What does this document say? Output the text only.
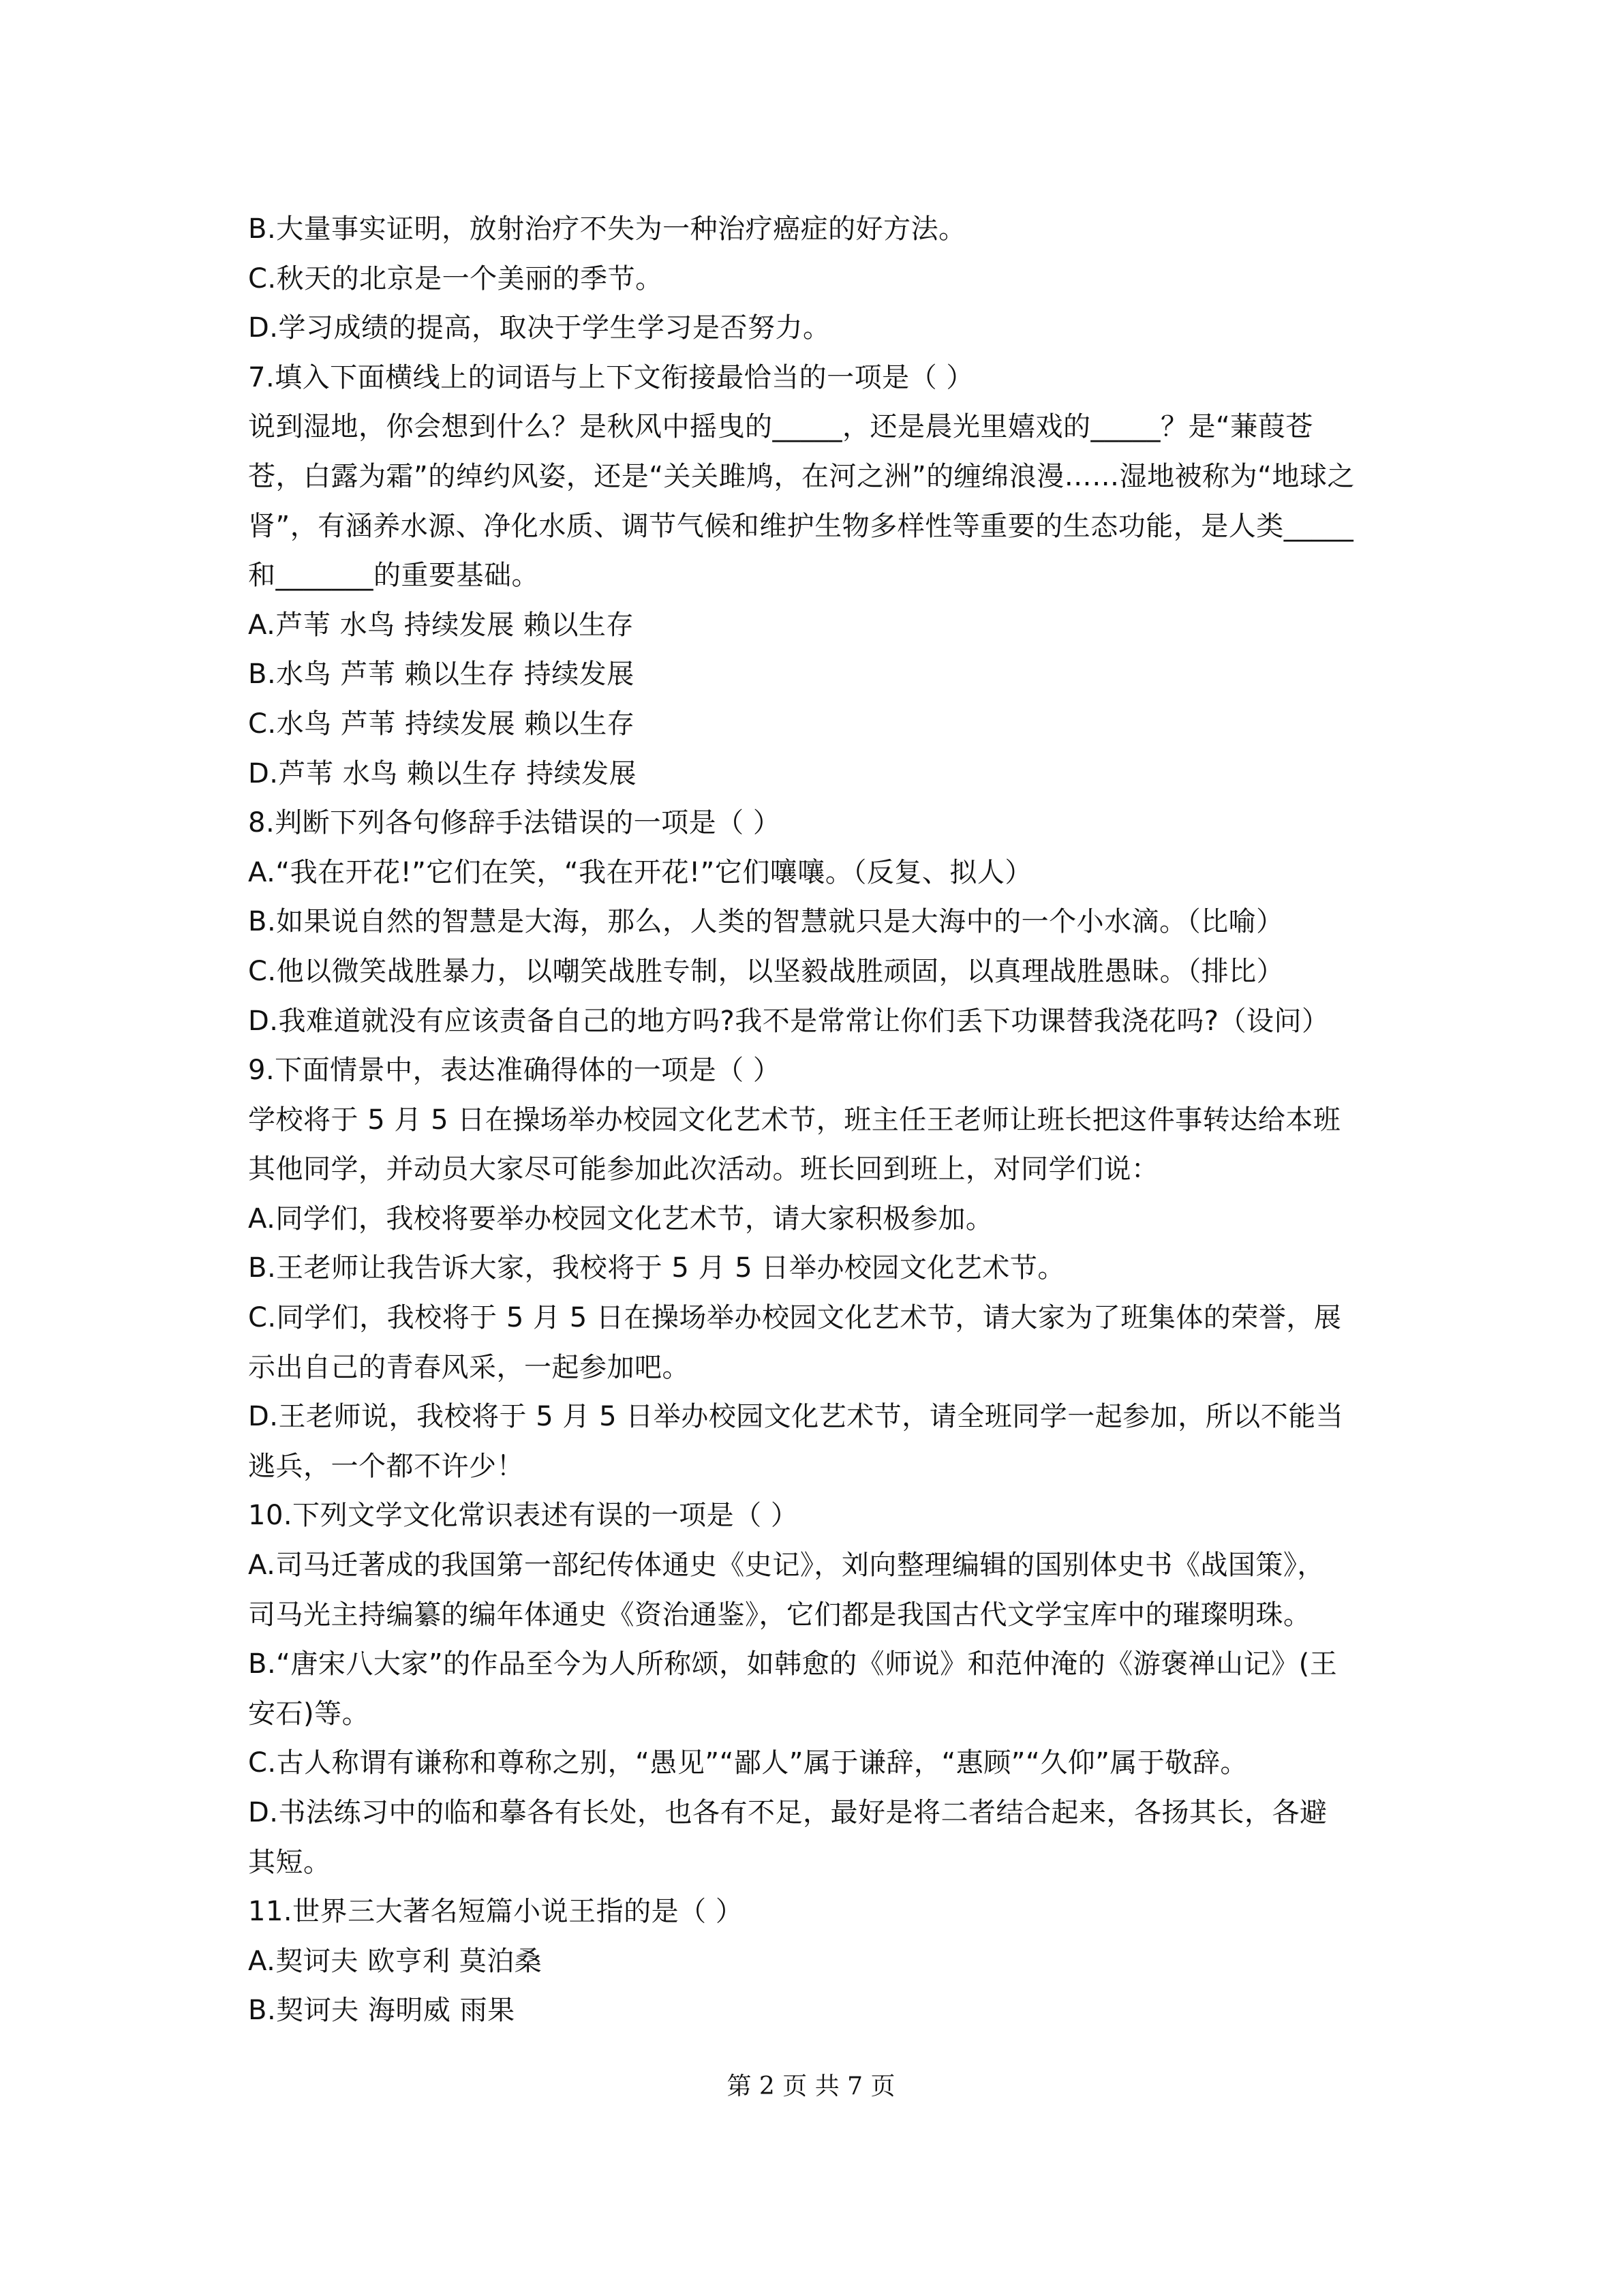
B.大量事实证明，放射治疗不失为一种治疗癌症的好方法。
C.秋天的北京是一个美丽的季节。
D.学习成绩的提高，取决于学生学习是否努力。
7.填入下面横线上的词语与上下文衔接最恰当的一项是（ ）
说到湿地，你会想到什么？是秋风中摇曳的_____，还是晨光里嬉戏的_____？是“蒹葭苍
苍，白露为霜”的绰约风姿，还是“关关雎鸠，在河之洲”的缠绵浪漫……湿地被称为“地球之
肾”，有涵养水源、净化水质、调节气候和维护生物多样性等重要的生态功能，是人类_____
和_______的重要基础。
A.芦苇 水鸟 持续发展 赖以生存
B.水鸟 芦苇 赖以生存 持续发展
C.水鸟 芦苇 持续发展 赖以生存
D.芦苇 水鸟 赖以生存 持续发展
8.判断下列各句修辞手法错误的一项是（ ）
A.“我在开花!”它们在笑，“我在开花!”它们嚷嚷。（反复、拟人）
B.如果说自然的智慧是大海，那么，人类的智慧就只是大海中的一个小水滴。（比喻）
C.他以微笑战胜暴力，以嘲笑战胜专制，以坚毅战胜顽固，以真理战胜愚昧。（排比）
D.我难道就没有应该责备自己的地方吗?我不是常常让你们丢下功课替我浇花吗?（设问）
9.下面情景中，表达准确得体的一项是（ ）
学校将于 5 月 5 日在操场举办校园文化艺术节，班主任王老师让班长把这件事转达给本班
其他同学，并动员大家尽可能参加此次活动。班长回到班上，对同学们说：
A.同学们，我校将要举办校园文化艺术节，请大家积极参加。
B.王老师让我告诉大家，我校将于 5 月 5 日举办校园文化艺术节。
C.同学们，我校将于 5 月 5 日在操场举办校园文化艺术节，请大家为了班集体的荣誉，展
示出自己的青春风采，一起参加吧。
D.王老师说，我校将于 5 月 5 日举办校园文化艺术节，请全班同学一起参加，所以不能当
逃兵，一个都不许少！
10.下列文学文化常识表述有误的一项是（ ）
A.司马迁著成的我国第一部纪传体通史《史记》，刘向整理编辑的国别体史书《战国策》，
司马光主持编纂的编年体通史《资治通鉴》，它们都是我国古代文学宝库中的璀璨明珠。
B.“唐宋八大家”的作品至今为人所称颂，如韩愈的《师说》和范仲淹的《游褒禅山记》(王
安石)等。
C.古人称谓有谦称和尊称之别，“愚见”“鄙人”属于谦辞，“惠顾”“久仰”属于敬辞。
D.书法练习中的临和摹各有长处，也各有不足，最好是将二者结合起来，各扬其长，各避
其短。
11.世界三大著名短篇小说王指的是（ ）
A.契诃夫 欧亨利 莫泊桑
B.契诃夫 海明威 雨果
第 2 页 共 7 页
